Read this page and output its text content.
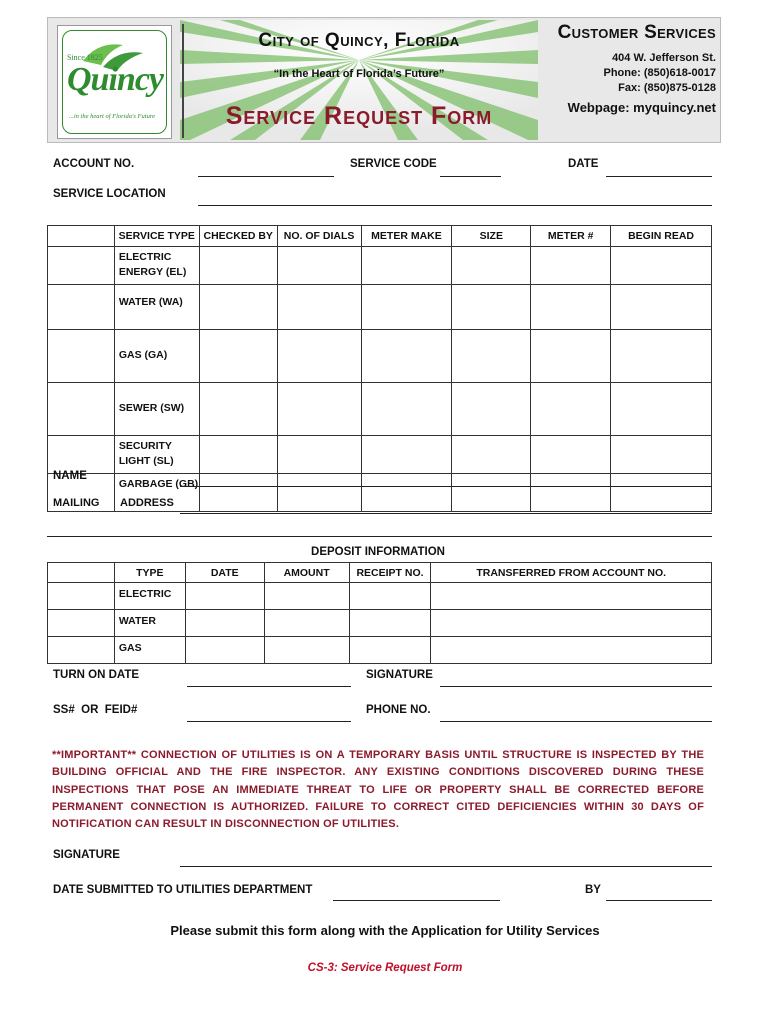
Since 1825
Quincy
...in the heart of Florida's Future
City of Quincy, Florida
“In the Heart of Florida’s Future”
Service Request Form
Customer Services
404 W. Jefferson St.
Phone: (850)618-0017
Fax: (850)875-0128
Webpage: myquincy.net
ACCOUNT NO.	SERVICE CODE	DATE
SERVICE LOCATION
	SERVICE TYPE	CHECKED BY	NO. OF DIALS	METER MAKE	SIZE	METER #	BEGIN READ
	ELECTRIC ENERGY (EL)						
	WATER (WA)						
	GAS (GA)						
	SEWER (SW)						
	SECURITY LIGHT (SL)						
	GARBAGE (GB)						
NAME
MAILING ADDRESS
DEPOSIT INFORMATION
	TYPE	DATE	AMOUNT	RECEIPT NO.	TRANSFERRED FROM ACCOUNT NO.
	ELECTRIC				
	WATER				
	GAS				
TURN ON DATE	SIGNATURE
SS#  OR  FEID#	PHONE NO.
**IMPORTANT** CONNECTION OF UTILITIES IS ON A TEMPORARY BASIS UNTIL STRUCTURE IS INSPECTED BY THE BUILDING OFFICIAL AND THE FIRE INSPECTOR. ANY EXISTING CONDITIONS DISCOVERED DURING THESE INSPECTIONS THAT POSE AN IMMEDIATE THREAT TO LIFE OR PROPERTY SHALL BE CORRECTED BEFORE PERMANENT CONNECTION IS AUTHORIZED. FAILURE TO CORRECT CITED DEFICIENCIES WITHIN 30 DAYS OF NOTIFICATION CAN RESULT IN DISCONNECTION OF UTILITIES.
SIGNATURE
DATE SUBMITTED TO UTILITIES DEPARTMENT	BY
Please submit this form along with the Application for Utility Services
CS-3: Service Request Form
